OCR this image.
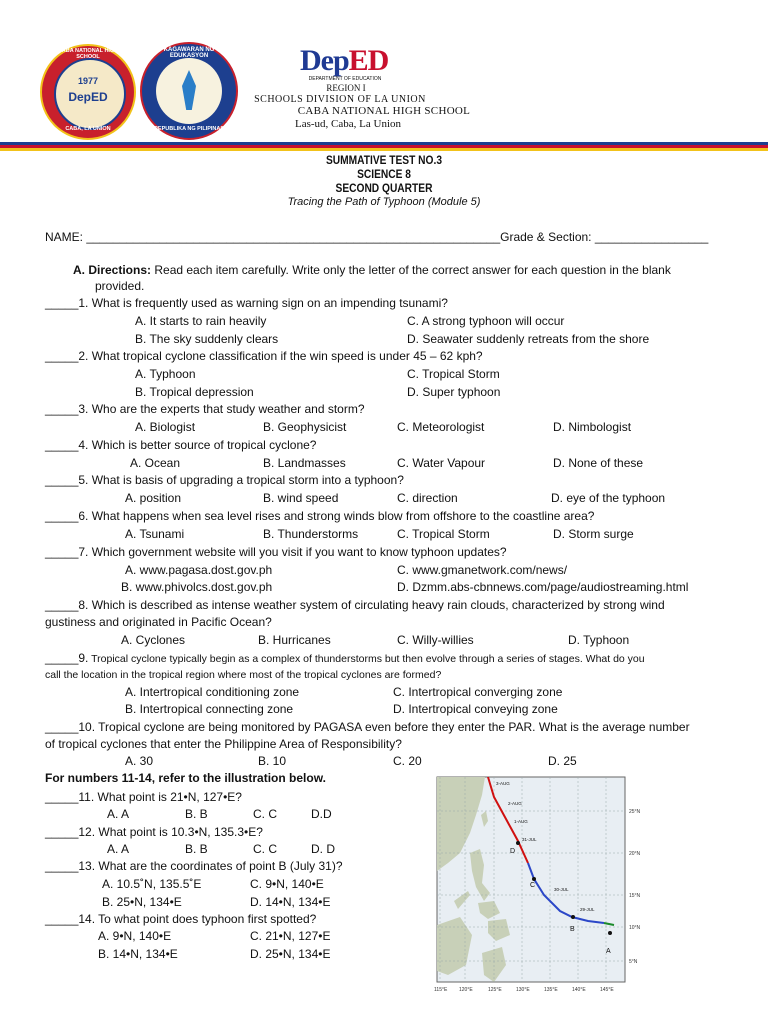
1977
DepED
CABA NATIONAL HIGH SCHOOL
CABA, LA UNION
KAGAWARAN NG EDUKASYON
REPUBLIKA NG PILIPINAS
DepED
DEPARTMENT OF EDUCATION
REGION I
SCHOOLS DIVISION OF LA UNION
CABA NATIONAL HIGH SCHOOL
Las-ud, Caba, La Union
SUMMATIVE TEST NO.3
SCIENCE 8
SECOND QUARTER
Tracing the Path of Typhoon (Module 5)
NAME: ______________________________________________________________Grade & Section: _________________
A. Directions: Read each item carefully. Write only the letter of the correct answer for each question in the blank
provided.
_____1. What is frequently used as warning sign on an impending tsunami?
A. It starts to rain heavily	C. A strong typhoon will occur
B. The sky suddenly clears	D. Seawater suddenly retreats from the shore
_____2. What tropical cyclone classification if the win speed is under 45 – 62 kph?
A. Typhoon	C. Tropical Storm
B. Tropical depression	D. Super typhoon
_____3. Who are the experts that study weather and storm?
A. Biologist	B. Geophysicist	C. Meteorologist	D. Nimbologist
_____4. Which is better source of tropical cyclone?
A. Ocean	B. Landmasses	C. Water Vapour	D. None of these
_____5. What is basis of upgrading a tropical storm into a typhoon?
A. position	B. wind speed	C. direction	D. eye of the typhoon
_____6. What happens when sea level rises and strong winds blow from offshore to the coastline area?
A. Tsunami	B. Thunderstorms	C. Tropical Storm	D. Storm surge
_____7. Which government website will you visit if you want to know typhoon updates?
A. www.pagasa.dost.gov.ph	C. www.gmanetwork.com/news/
B. www.phivolcs.dost.gov.ph	D. Dzmm.abs-cbnnews.com/page/audiostreaming.html
_____8. Which is described as intense weather system of circulating heavy rain clouds, characterized by strong wind
gustiness and originated in Pacific Ocean?
A. Cyclones	B. Hurricanes	C. Willy-willies	D. Typhoon
_____9. Tropical cyclone typically begin as a complex of thunderstorms but then evolve through a series of stages. What do you
call the location in the tropical region where most of the tropical cyclones are formed?
A. Intertropical conditioning zone	C. Intertropical converging zone
B. Intertropical connecting zone	D. Intertropical conveying zone
_____10. Tropical cyclone are being monitored by PAGASA even before they enter the PAR. What is the average number
of tropical cyclones that enter the Philippine Area of Responsibility?
A. 30	B. 10	C. 20	D. 25
For numbers 11-14, refer to the illustration below.
_____11. What point is 21•N, 127•E?
A. A	B. B	C. C	D.D
_____12. What point is 10.3•N, 135.3•E?
A. A	B. B	C. C	D. D
_____13. What are the coordinates of point B (July 31)?
A. 10.5˚N, 135.5˚E	C. 9•N, 140•E
B. 25•N, 134•E	D. 14•N, 134•E
_____14. To what point does typhoon first spotted?
A. 9•N, 140•E	C. 21•N, 127•E
B. 14•N, 134•E	D. 25•N, 134•E
25°N
20°N
15°N
10°N
5°N
115°E 120°E	125°E	130°E	135°E	140°E	145°E
3-AUG
2-AUG
1-AUG
31-JUL
30-JUL
29-JUL
A
B
C
D
